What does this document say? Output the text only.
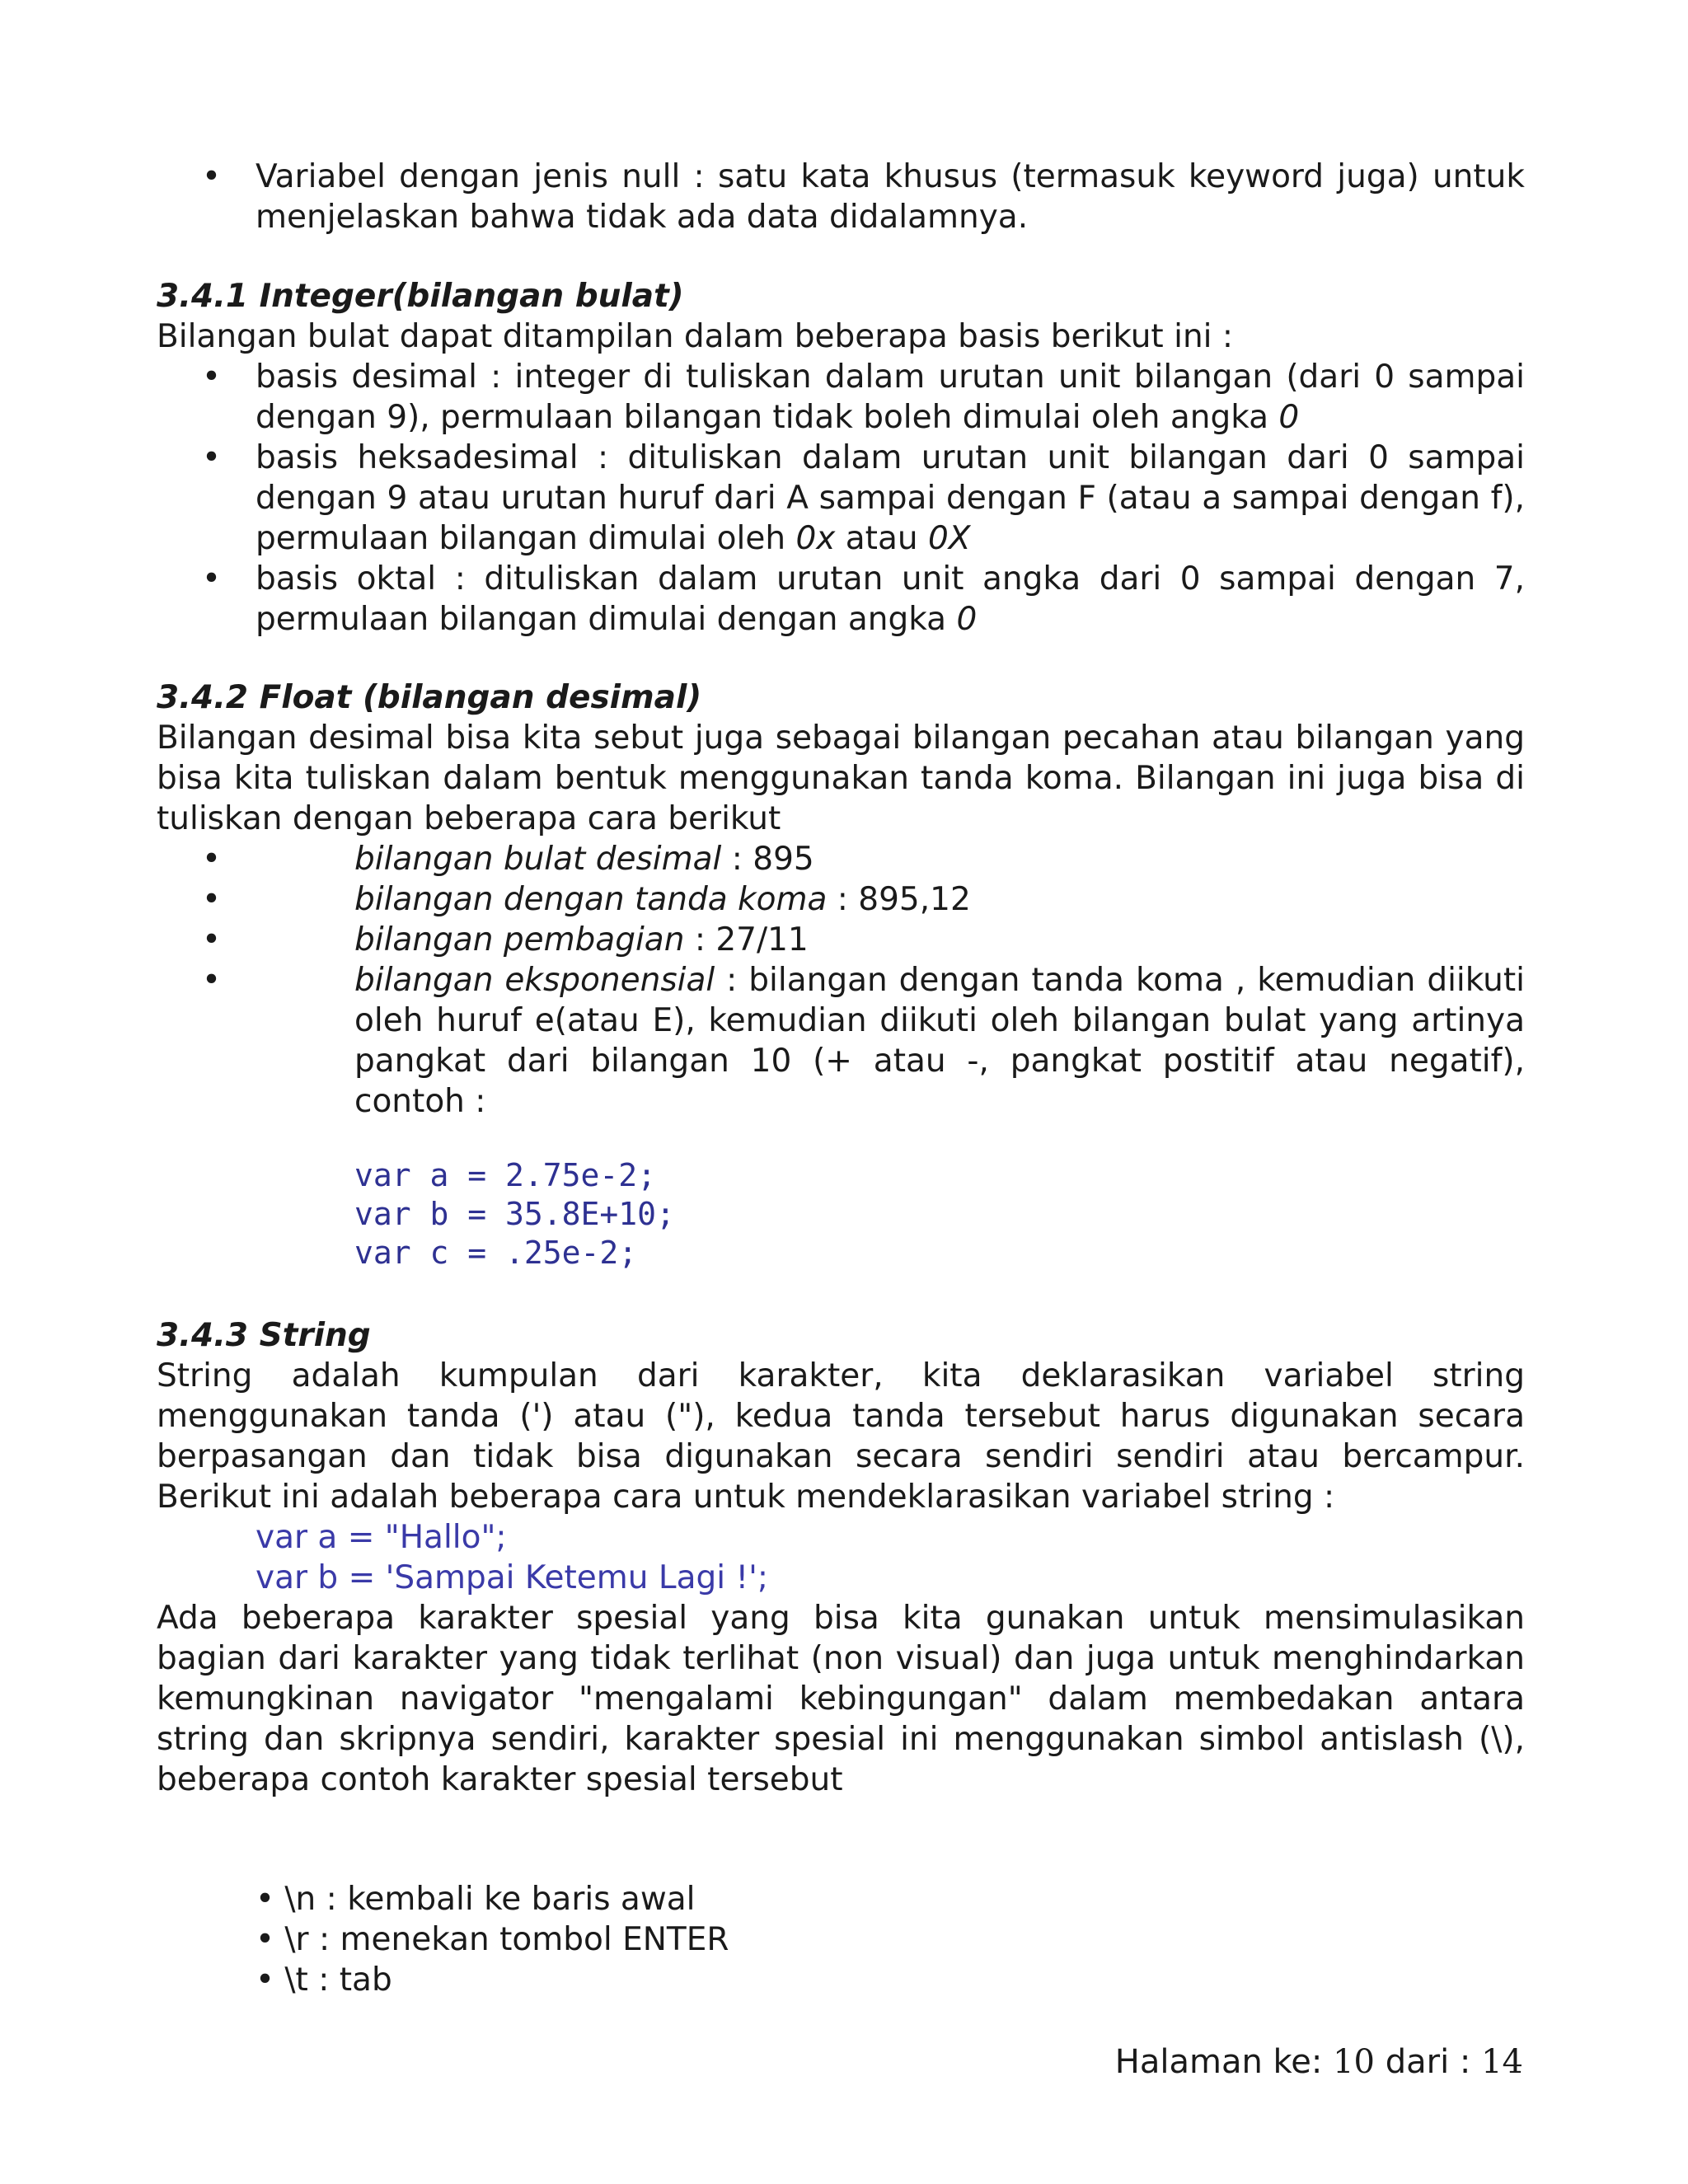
• Variabel dengan jenis null : satu kata khusus (termasuk keyword juga) untuk menjelaskan bahwa tidak ada data didalamnya.
3.4.1 Integer(bilangan bulat)
Bilangan bulat dapat ditampilan dalam beberapa basis berikut ini :
• basis desimal : integer di tuliskan dalam urutan unit bilangan (dari 0 sampai dengan 9), permulaan bilangan tidak boleh dimulai oleh angka 0
• basis heksadesimal : dituliskan dalam urutan unit bilangan dari 0 sampai dengan 9 atau urutan huruf dari A sampai dengan F (atau a sampai dengan f), permulaan bilangan dimulai oleh 0x atau 0X
• basis oktal : dituliskan dalam urutan unit angka dari 0 sampai dengan 7, permulaan bilangan dimulai dengan angka 0
3.4.2 Float (bilangan desimal)
Bilangan desimal bisa kita sebut juga sebagai bilangan pecahan atau bilangan yang bisa kita tuliskan dalam bentuk menggunakan tanda koma. Bilangan ini juga bisa di tuliskan dengan beberapa cara berikut
•	bilangan bulat desimal : 895
•	bilangan dengan tanda koma : 895,12
•	bilangan pembagian : 27/11
•	bilangan eksponensial : bilangan dengan tanda koma , kemudian diikuti oleh huruf e(atau E), kemudian diikuti oleh bilangan bulat yang artinya pangkat dari bilangan 10 (+ atau -, pangkat postitif atau negatif), contoh :
var a = 2.75e-2;
var b = 35.8E+10;
var c = .25e-2;
3.4.3 String
String adalah kumpulan dari karakter, kita deklarasikan variabel string menggunakan tanda (') atau ("), kedua tanda tersebut harus digunakan secara berpasangan dan tidak bisa digunakan secara sendiri sendiri atau bercampur. Berikut ini adalah beberapa cara untuk mendeklarasikan variabel string :
var a = "Hallo";
var b = 'Sampai Ketemu Lagi !';
Ada beberapa karakter spesial yang bisa kita gunakan untuk mensimulasikan bagian dari karakter yang tidak terlihat (non visual) dan juga untuk menghindarkan kemungkinan navigator "mengalami kebingungan" dalam membedakan antara string dan skripnya sendiri, karakter spesial ini menggunakan simbol antislash (\), beberapa contoh karakter spesial tersebut
• \n : kembali ke baris awal
• \r : menekan tombol ENTER
• \t : tab
Halaman ke: 10 dari : 14
